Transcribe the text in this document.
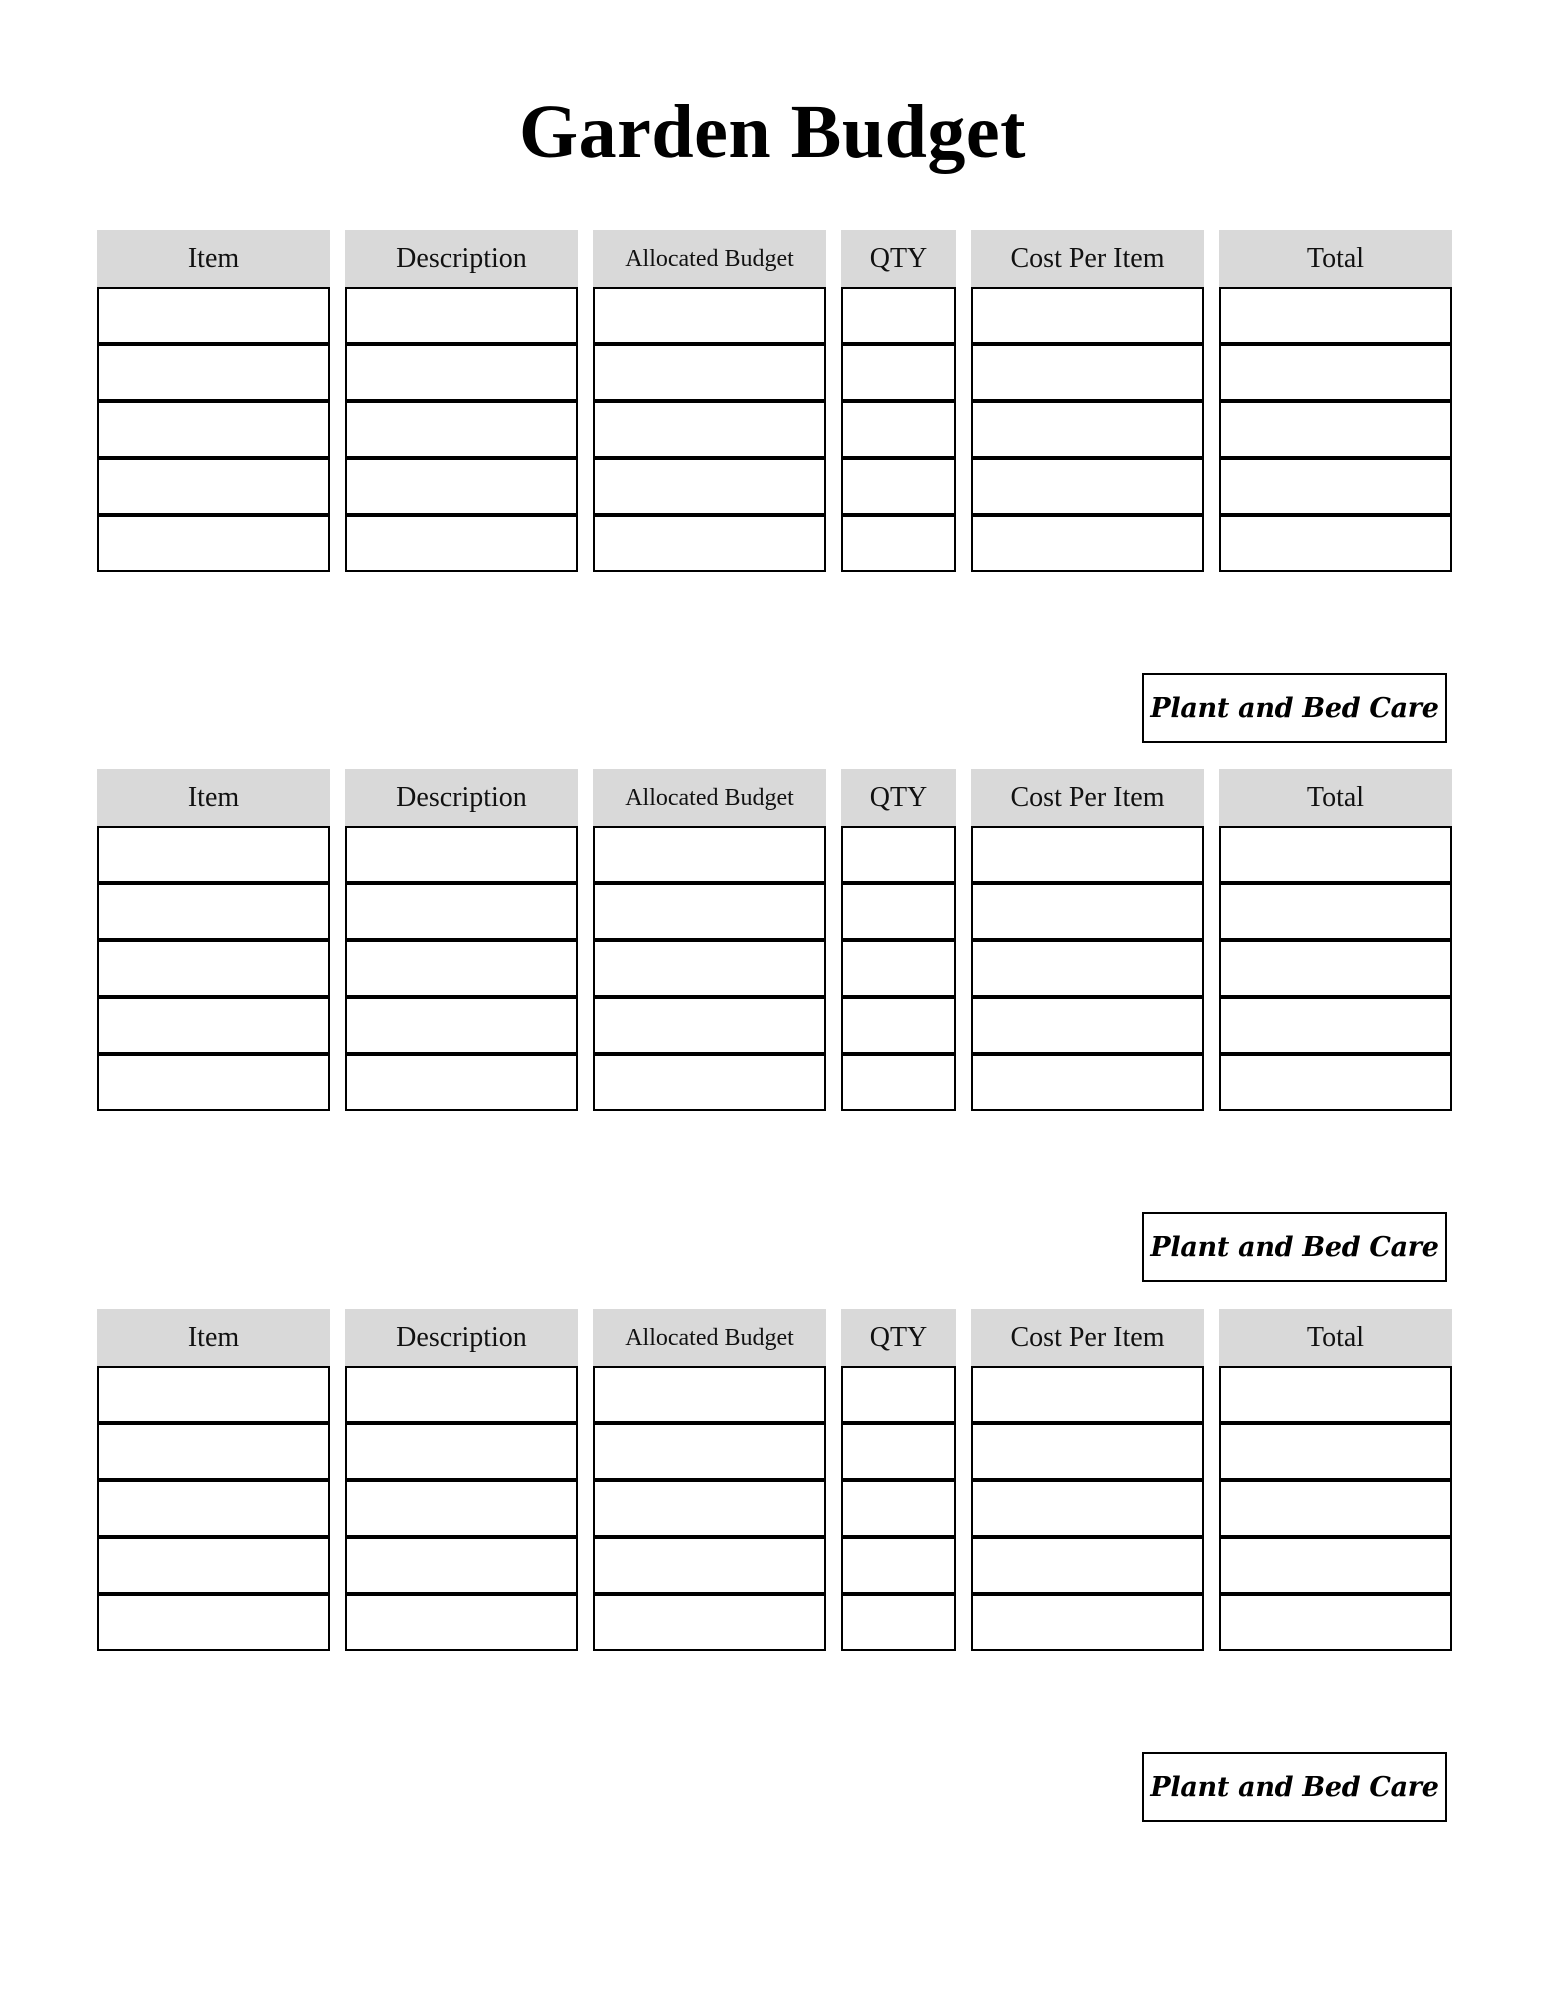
Garden Budget
Item	Description	Allocated Budget	QTY	Cost Per Item	Total
Plant and Bed Care
Item	Description	Allocated Budget	QTY	Cost Per Item	Total
Plant and Bed Care
Item	Description	Allocated Budget	QTY	Cost Per Item	Total
Plant and Bed Care
